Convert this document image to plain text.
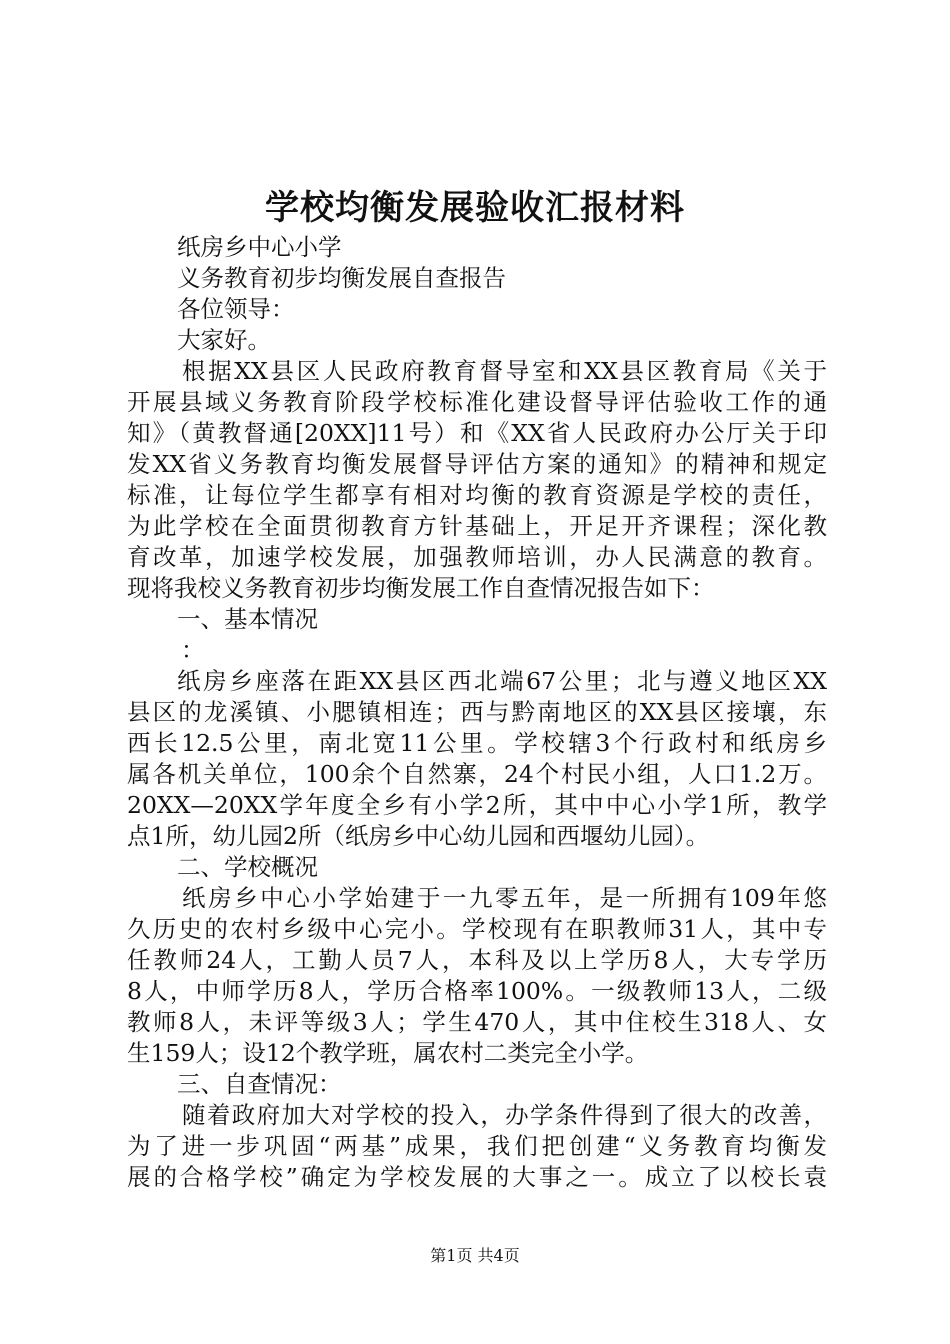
学校均衡发展验收汇报材料
纸房乡中心小学
义务教育初步均衡发展自查报告
各位领导：
大家好。
根据XX县区人民政府教育督导室和XX县区教育局《关于
开展县域义务教育阶段学校标准化建设督导评估验收工作的通
知》（黄教督通[20XX]11号）和《XX省人民政府办公厅关于印
发XX省义务教育均衡发展督导评估方案的通知》的精神和规定
标准，让每位学生都享有相对均衡的教育资源是学校的责任，
为此学校在全面贯彻教育方针基础上，开足开齐课程；深化教
育改革，加速学校发展，加强教师培训，办人民满意的教育。
现将我校义务教育初步均衡发展工作自查情况报告如下：
一、基本情况
：
纸房乡座落在距XX县区西北端67公里；北与遵义地区XX
县区的龙溪镇、小腮镇相连；西与黔南地区的XX县区接壤，东
西长12.5公里，南北宽11公里。学校辖3个行政村和纸房乡
属各机关单位，100余个自然寨，24个村民小组，人口1.2万。
20XX—20XX学年度全乡有小学2所，其中中心小学1所，教学
点1所，幼儿园2所（纸房乡中心幼儿园和西堰幼儿园）。
二、学校概况
纸房乡中心小学始建于一九零五年，是一所拥有109年悠
久历史的农村乡级中心完小。学校现有在职教师31人，其中专
任教师24人，工勤人员7人，本科及以上学历8人，大专学历
8人，中师学历8人，学历合格率100%。一级教师13人，二级
教师8人，未评等级3人；学生470人，其中住校生318人、女
生159人；设12个教学班，属农村二类完全小学。
三、自查情况：
随着政府加大对学校的投入，办学条件得到了很大的改善，
为了进一步巩固“两基”成果，我们把创建“义务教育均衡发
展的合格学校”确定为学校发展的大事之一。成立了以校长袁
第1页 共4页
